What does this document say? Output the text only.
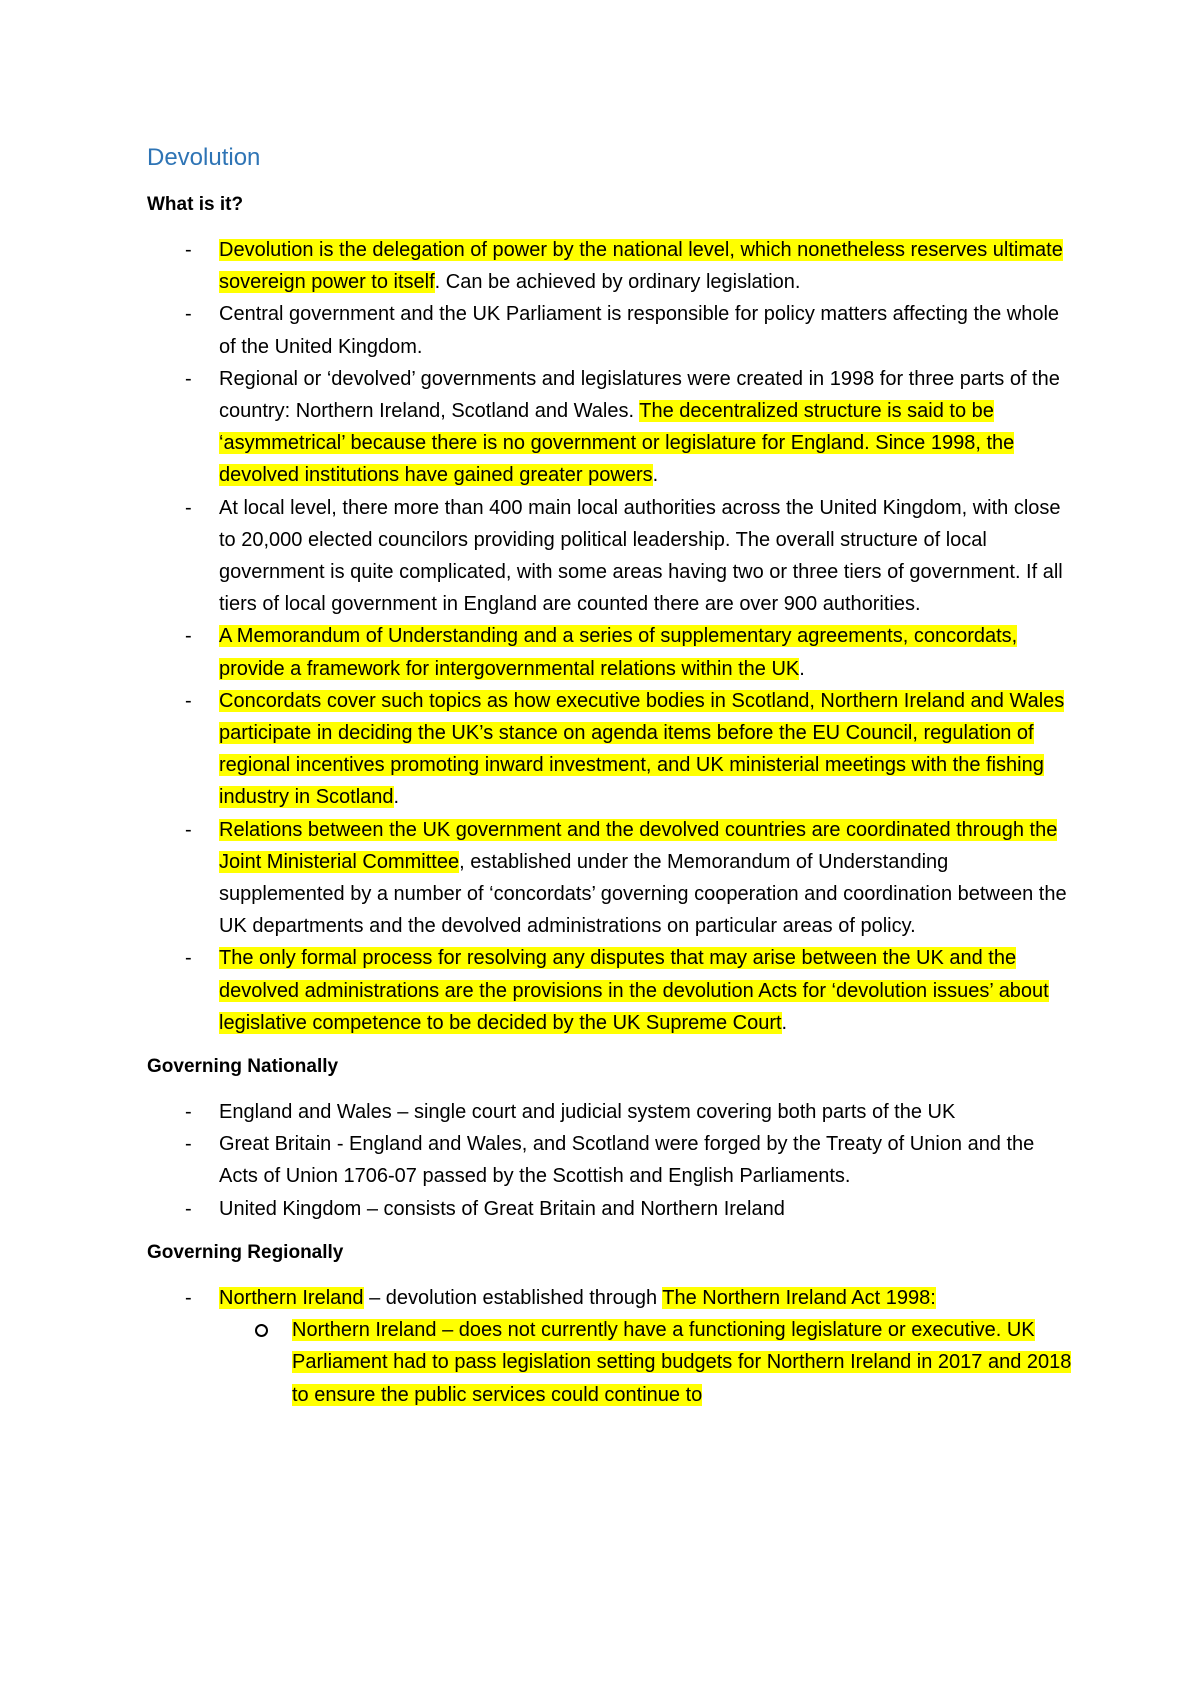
Devolution
What is it?
- Devolution is the delegation of power by the national level, which nonetheless reserves ultimate sovereign power to itself. Can be achieved by ordinary legislation.
- Central government and the UK Parliament is responsible for policy matters affecting the whole of the United Kingdom.
- Regional or ‘devolved’ governments and legislatures were created in 1998 for three parts of the country: Northern Ireland, Scotland and Wales. The decentralized structure is said to be ‘asymmetrical’ because there is no government or legislature for England. Since 1998, the devolved institutions have gained greater powers.
- At local level, there more than 400 main local authorities across the United Kingdom, with close to 20,000 elected councilors providing political leadership. The overall structure of local government is quite complicated, with some areas having two or three tiers of government. If all tiers of local government in England are counted there are over 900 authorities.
- A Memorandum of Understanding and a series of supplementary agreements, concordats, provide a framework for intergovernmental relations within the UK.
- Concordats cover such topics as how executive bodies in Scotland, Northern Ireland and Wales participate in deciding the UK’s stance on agenda items before the EU Council, regulation of regional incentives promoting inward investment, and UK ministerial meetings with the fishing industry in Scotland.
- Relations between the UK government and the devolved countries are coordinated through the Joint Ministerial Committee, established under the Memorandum of Understanding supplemented by a number of ‘concordats’ governing cooperation and coordination between the UK departments and the devolved administrations on particular areas of policy.
- The only formal process for resolving any disputes that may arise between the UK and the devolved administrations are the provisions in the devolution Acts for ‘devolution issues’ about legislative competence to be decided by the UK Supreme Court.
Governing Nationally
- England and Wales – single court and judicial system covering both parts of the UK
- Great Britain - England and Wales, and Scotland were forged by the Treaty of Union and the Acts of Union 1706-07 passed by the Scottish and English Parliaments.
- United Kingdom – consists of Great Britain and Northern Ireland
Governing Regionally
- Northern Ireland – devolution established through The Northern Ireland Act 1998:
Northern Ireland – does not currently have a functioning legislature or executive. UK Parliament had to pass legislation setting budgets for Northern Ireland in 2017 and 2018 to ensure the public services could continue to
